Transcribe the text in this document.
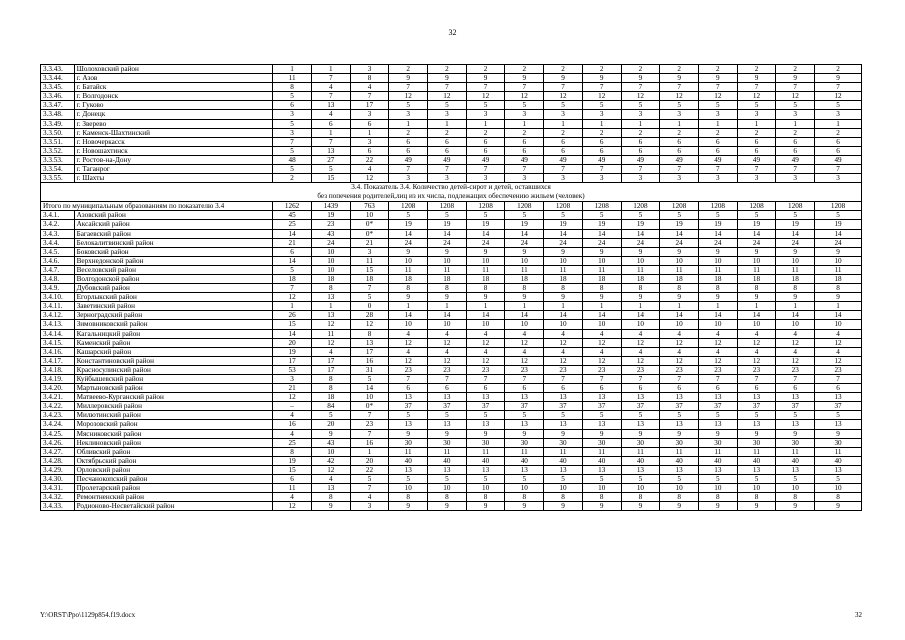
32
3.3.43.	Шолоховский район	1	1	3	2	2	2	2	2	2	2	2	2	2	2	2
3.3.44.	г. Азов	11	7	8	9	9	9	9	9	9	9	9	9	9	9	9
3.3.45.	г. Батайск	8	4	4	7	7	7	7	7	7	7	7	7	7	7	7
3.3.46.	г. Волгодонск	5	7	7	12	12	12	12	12	12	12	12	12	12	12	12
3.3.47.	г. Гуково	6	13	17	5	5	5	5	5	5	5	5	5	5	5	5
3.3.48.	г. Донецк	3	4	3	3	3	3	3	3	3	3	3	3	3	3	3
3.3.49.	г. Зверево	5	6	6	1	1	1	1	1	1	1	1	1	1	1	1
3.3.50.	г. Каменск-Шахтинский	3	1	1	2	2	2	2	2	2	2	2	2	2	2	2
3.3.51.	г. Новочеркасск	7	7	3	6	6	6	6	6	6	6	6	6	6	6	6
3.3.52.	г. Новошахтинск	5	13	6	6	6	6	6	6	6	6	6	6	6	6	6
3.3.53.	г. Ростов-на-Дону	48	27	22	49	49	49	49	49	49	49	49	49	49	49	49
3.3.54.	г. Таганрог	5	5	4	7	7	7	7	7	7	7	7	7	7	7	7
3.3.55.	г. Шахты	2	15	12	3	3	3	3	3	3	3	3	3	3	3	3
3.4. Показатель 3.4. Количество детей-сирот и детей, оставшихся
без попечения родителей,лиц из их числа, подлежащих обеспечению жильем (человек)																
Итого по муниципальным образованиям по показателю 3.4		1262	1439	763	1208	1208	1208	1208	1208	1208	1208	1208	1208	1208	1208	1208
3.4.1.	Азовский район	45	19	10	5	5	5	5	5	5	5	5	5	5	5	5
3.4.2.	Аксайский район	25	23	0*	19	19	19	19	19	19	19	19	19	19	19	19
3.4.3.	Багаевский район	14	43	0*	14	14	14	14	14	14	14	14	14	14	14	14
3.4.4.	Белокалитвинский район	21	24	21	24	24	24	24	24	24	24	24	24	24	24	24
3.4.5.	Боковский район	6	10	3	9	9	9	9	9	9	9	9	9	9	9	9
3.4.6.	Верхнедонской район	14	10	11	10	10	10	10	10	10	10	10	10	10	10	10
3.4.7.	Веселовский район	5	10	15	11	11	11	11	11	11	11	11	11	11	11	11
3.4.8.	Волгодонской район	18	18	18	18	18	18	18	18	18	18	18	18	18	18	18
3.4.9.	Дубовский район	7	8	7	8	8	8	8	8	8	8	8	8	8	8	8
3.4.10.	Егорлыкский район	12	13	5	9	9	9	9	9	9	9	9	9	9	9	9
3.4.11.	Заветинский район	1	1	0	1	1	1	1	1	1	1	1	1	1	1	1
3.4.12.	Зерноградский район	26	13	28	14	14	14	14	14	14	14	14	14	14	14	14
3.4.13.	Зимовниковский район	15	12	12	10	10	10	10	10	10	10	10	10	10	10	10
3.4.14.	Кагальницкий район	14	11	8	4	4	4	4	4	4	4	4	4	4	4	4
3.4.15.	Каменский район	20	12	13	12	12	12	12	12	12	12	12	12	12	12	12
3.4.16.	Кашарский район	19	4	17	4	4	4	4	4	4	4	4	4	4	4	4
3.4.17.	Константиновский район	17	17	16	12	12	12	12	12	12	12	12	12	12	12	12
3.4.18.	Красносулинский район	53	17	31	23	23	23	23	23	23	23	23	23	23	23	23
3.4.19.	Куйбышевский район	3	8	5	7	7	7	7	7	7	7	7	7	7	7	7
3.4.20.	Мартыновский район	21	8	14	6	6	6	6	6	6	6	6	6	6	6	6
3.4.21.	Матвеево-Курганский район	12	18	10	13	13	13	13	13	13	13	13	13	13	13	13
3.4.22.	Миллеровский район	–	84	0*	37	37	37	37	37	37	37	37	37	37	37	37
3.4.23.	Милютинский район	4	5	7	5	5	5	5	5	5	5	5	5	5	5	5
3.4.24.	Морозовский район	16	20	23	13	13	13	13	13	13	13	13	13	13	13	13
3.4.25.	Мясниковский район	4	9	7	9	9	9	9	9	9	9	9	9	9	9	9
3.4.26.	Неклиновский район	25	43	16	30	30	30	30	30	30	30	30	30	30	30	30
3.4.27.	Обливский район	8	10	1	11	11	11	11	11	11	11	11	11	11	11	11
3.4.28.	Октябрьский район	19	42	20	40	40	40	40	40	40	40	40	40	40	40	40
3.4.29.	Орловский район	15	12	22	13	13	13	13	13	13	13	13	13	13	13	13
3.4.30.	Песчанокопский район	6	4	5	5	5	5	5	5	5	5	5	5	5	5	5
3.4.31.	Пролетарский район	11	13	7	10	10	10	10	10	10	10	10	10	10	10	10
3.4.32.	Ремонтненский район	4	8	4	8	8	8	8	8	8	8	8	8	8	8	8
3.4.33.	Родионово-Несветайский район	12	9	3	9	9	9	9	9	9	9	9	9	9	9	9
Y:\ORST\Ppo\1129p854.f19.docx	32
